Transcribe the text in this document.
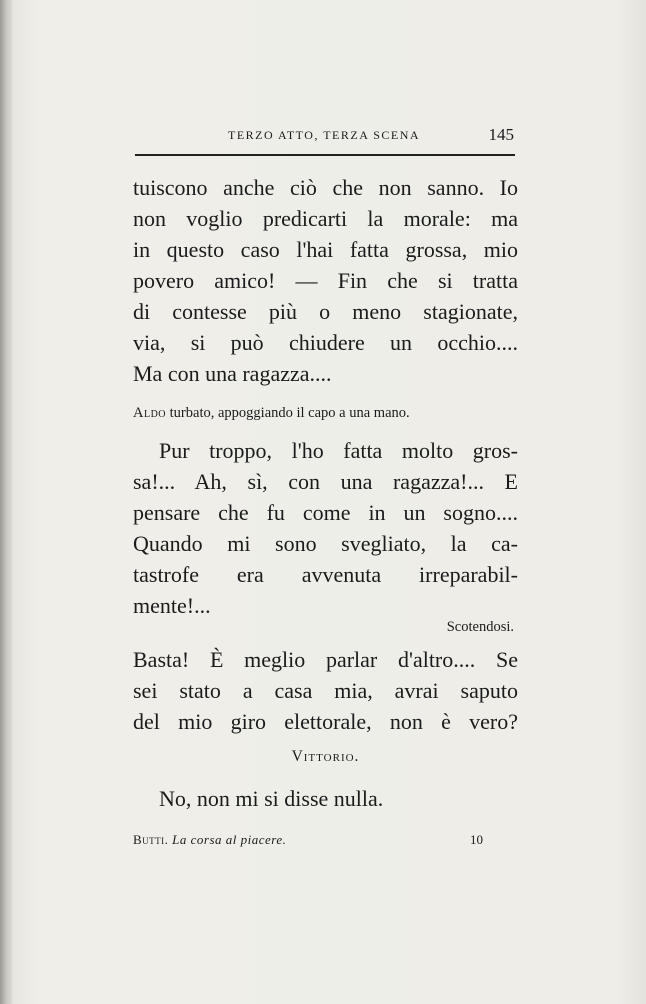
TERZO ATTO, TERZA SCENA	145
tuiscono anche ciò che non sanno. Io
non voglio predicarti la morale: ma
in questo caso l'hai fatta grossa, mio
povero amico! — Fin che si tratta
di contesse più o meno stagionate,
via, si può chiudere un occhio....
Ma con una ragazza....
Aldo turbato, appoggiando il capo a una mano.
Pur troppo, l'ho fatta molto gros-
sa!... Ah, sì, con una ragazza!... E
pensare che fu come in un sogno....
Quando mi sono svegliato, la ca-
tastrofe era avvenuta irreparabil-
mente!...
Scotendosi.
Basta! È meglio parlar d'altro.... Se
sei stato a casa mia, avrai saputo
del mio giro elettorale, non è vero?
Vittorio.
No, non mi si disse nulla.
Butti. La corsa al piacere.	10
